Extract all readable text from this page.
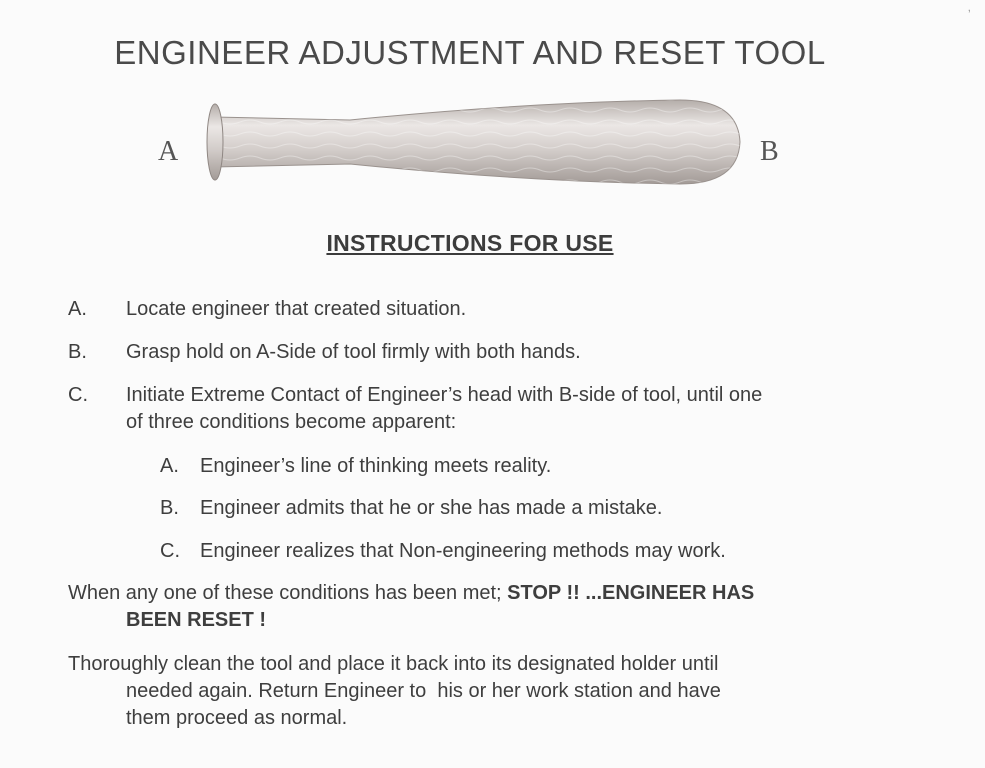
,
ENGINEER ADJUSTMENT AND RESET TOOL
A	B
INSTRUCTIONS FOR USE
A. Locate engineer that created situation.
B. Grasp hold on A-Side of tool firmly with both hands.
C. Initiate Extreme Contact of Engineer’s head with B-side of tool, until one
of three conditions become apparent:
A. Engineer’s line of thinking meets reality.
B. Engineer admits that he or she has made a mistake.
C. Engineer realizes that Non-engineering methods may work.
When any one of these conditions has been met; STOP !! ...ENGINEER HAS
BEEN RESET !
Thoroughly clean the tool and place it back into its designated holder until
needed again. Return Engineer to  his or her work station and have
them proceed as normal.
